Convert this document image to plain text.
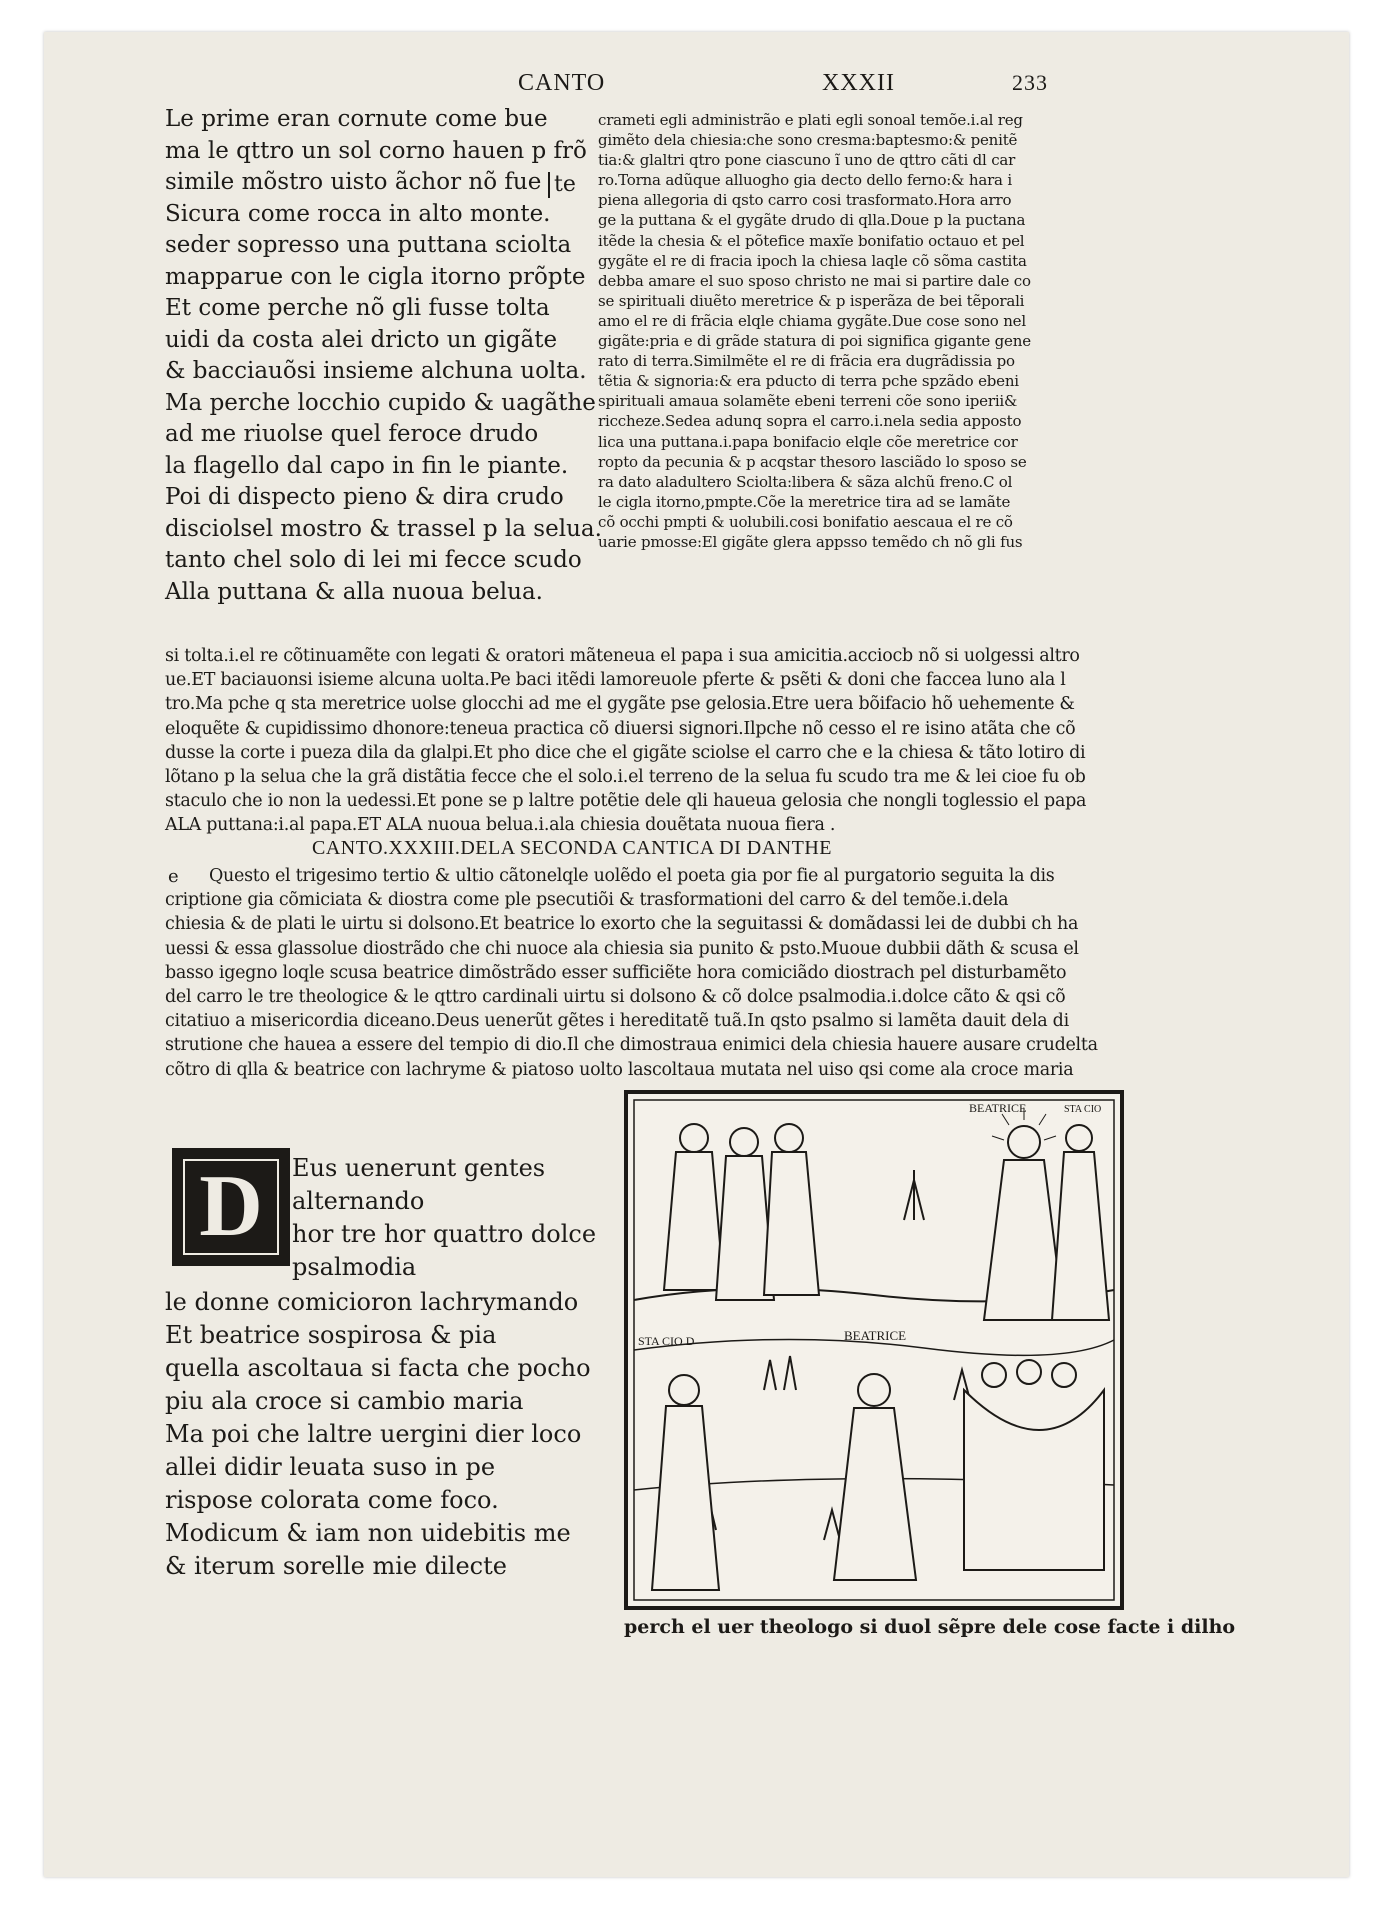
CANTO	XXXII	233

Le prime eran cornute come bue

ma le qttro un sol corno hauen p frõ

simile mõstro uisto ãchor nõ fue

Sicura come rocca in alto monte.

seder sopresso una puttana sciolta

mapparue con le cigla itorno prõpte

Et come perche nõ gli fusse tolta

uidi da costa alei dricto un gigãte

& bacciauõsi insieme alchuna uolta.

Ma perche locchio cupido & uagãthe

ad me riuolse quel feroce drudo

la flagello dal capo in fin le piante.

Poi di dispecto pieno & dira crudo

disciolsel mostro & trassel p la selua.

tanto chel solo di lei mi fecce scudo

Alla puttana & alla nuoua belua.

te

crameti egli administrão e plati egli sonoal temõe.i.al reg

gimẽto dela chiesia:che sono cresma:baptesmo:& penitẽ

tia:& glaltri qtro pone ciascuno ĩ uno de qttro cãti dl car

ro.Torna adũque alluogho gia decto dello ferno:& hara i

piena allegoria di qsto carro cosi trasformato.Hora arro

ge la puttana & el gygãte drudo di qlla.Doue p la puctana

itẽde la chesia & el põtefice maxĩe bonifatio octauo et pel

gygãte el re di fracia ipoch la chiesa laqle cõ sõma castita

debba amare el suo sposo christo ne mai si partire dale co

se spirituali diuẽto meretrice & p isperãza de bei tẽporali

amo el re di frãcia elqle chiama gygãte.Due cose sono nel

gigãte:pria e di grãde statura di poi significa gigante gene

rato di terra.Similmẽte el re di frãcia era dugrãdissia po

tẽtia & signoria:& era pducto di terra pche spzãdo ebeni

spirituali amaua solamẽte ebeni terreni cõe sono iperii&

riccheze.Sedea adunq sopra el carro.i.nela sedia apposto

lica una puttana.i.papa bonifacio elqle cõe meretrice cor

ropto da pecunia & p acqstar thesoro lasciãdo lo sposo se

ra dato aladultero Sciolta:libera & sãza alchũ freno.C ol

le cigla itorno,pmpte.Cõe la meretrice tira ad se lamãte

cõ occhi pmpti & uolubili.cosi bonifatio aescaua el re cõ

uarie pmosse:El gigãte glera appsso temẽdo ch nõ gli fus

si tolta.i.el re cõtinuamẽte con legati & oratori mãteneua el papa i sua amicitia.acciocb nõ si uolgessi altro

ue.ET baciauonsi isieme alcuna uolta.Pe baci itẽdi lamoreuole pferte & psẽti & doni che faccea luno ala l

tro.Ma pche q sta meretrice uolse glocchi ad me el gygãte pse gelosia.Etre uera bõifacio hõ uehemente &

eloquẽte & cupidissimo dhonore:teneua practica cõ diuersi signori.Ilpche nõ cesso el re isino atãta che cõ

dusse la corte i pueza dila da glalpi.Et pho dice che el gigãte sciolse el carro che e la chiesa & tãto lotiro di

lõtano p la selua che la grã distãtia fecce che el solo.i.el terreno de la selua fu scudo tra me & lei cioe fu ob

staculo che io non la uedessi.Et pone se p laltre potẽtie dele qli haueua gelosia che nongli toglessio el papa

ALA puttana:i.al papa.ET ALA nuoua belua.i.ala chiesia douẽtata nuoua fiera .

CANTO.XXXIII.DELA SECONDA CANTICA DI DANTHE
e	Questo el trigesimo tertio & ultio cãtonelqle uolẽdo el poeta gia por fie al purgatorio seguita la dis

criptione gia cõmiciata & diostra come ple psecutiõi & trasformationi del carro & del temõe.i.dela

chiesia & de plati le uirtu si dolsono.Et beatrice lo exorto che la seguitassi & domãdassi lei de dubbi ch ha

uessi & essa glassolue diostrãdo che chi nuoce ala chiesia sia punito & psto.Muoue dubbii dãth & scusa el

basso igegno loqle scusa beatrice dimõstrãdo esser sufficiẽte hora comiciãdo diostrach pel disturbamẽto

del carro le tre theologice & le qttro cardinali uirtu si dolsono & cõ dolce psalmodia.i.dolce cãto & qsi cõ

citatiuo a misericordia diceano.Deus uenerũt gẽtes i hereditatẽ tuã.In qsto psalmo si lamẽta dauit dela di

strutione che hauea a essere del tempio di dio.Il che dimostraua enimici dela chiesia hauere ausare crudelta

cõtro di qlla & beatrice con lachryme & piatoso uolto lascoltaua mutata nel uiso qsi come ala croce maria

D	Eus uenerunt gentes

alternando

hor tre hor quattro dolce

psalmodia

le donne comicioron lachrymando

Et beatrice sospirosa & pia

quella ascoltaua si facta che pocho

piu ala croce si cambio maria

Ma poi che laltre uergini dier loco

allei didir leuata suso in pe

rispose colorata come foco.

Modicum & iam non uidebitis me

& iterum sorelle mie dilecte

BEATRICE	STA CIO
BEATRICE
STA CIO D
perch el uer theologo si duol sẽpre dele cose facte i dilho
